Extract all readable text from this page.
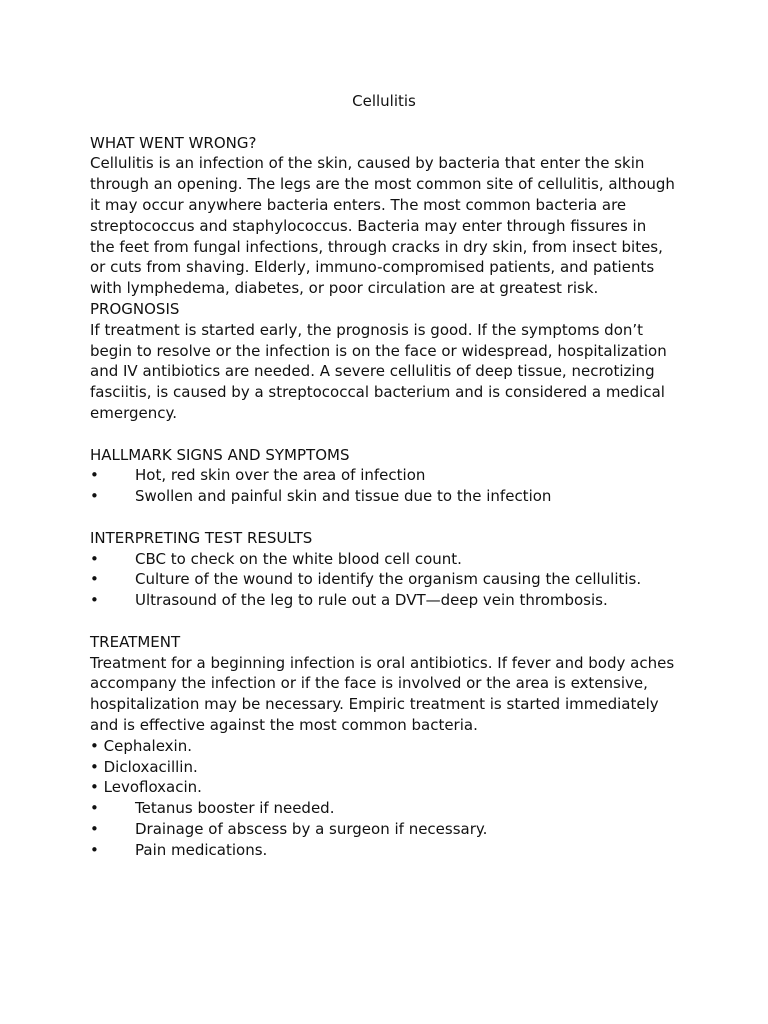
Cellulitis

WHAT WENT WRONG?

Cellulitis is an infection of the skin, caused by bacteria that enter the skin

through an opening. The legs are the most common site of cellulitis, although

it may occur anywhere bacteria enters. The most common bacteria are

streptococcus and staphylococcus. Bacteria may enter through fissures in

the feet from fungal infections, through cracks in dry skin, from insect bites,

or cuts from shaving. Elderly, immuno-compromised patients, and patients

with lymphedema, diabetes, or poor circulation are at greatest risk.

PROGNOSIS

If treatment is started early, the prognosis is good. If the symptoms don’t

begin to resolve or the infection is on the face or widespread, hospitalization

and IV antibiotics are needed. A severe cellulitis of deep tissue, necrotizing

fasciitis, is caused by a streptococcal bacterium and is considered a medical

emergency.

HALLMARK SIGNS AND SYMPTOMS

•	Hot, red skin over the area of infection
•	Swollen and painful skin and tissue due to the infection

INTERPRETING TEST RESULTS

•	CBC to check on the white blood cell count.
•	Culture of the wound to identify the organism causing the cellulitis.
•	Ultrasound of the leg to rule out a DVT—deep vein thrombosis.

TREATMENT

Treatment for a beginning infection is oral antibiotics. If fever and body aches

accompany the infection or if the face is involved or the area is extensive,

hospitalization may be necessary. Empiric treatment is started immediately

and is effective against the most common bacteria.

• Cephalexin.

• Dicloxacillin.

• Levofloxacin.

•	Tetanus booster if needed.
•	Drainage of abscess by a surgeon if necessary.
•	Pain medications.
